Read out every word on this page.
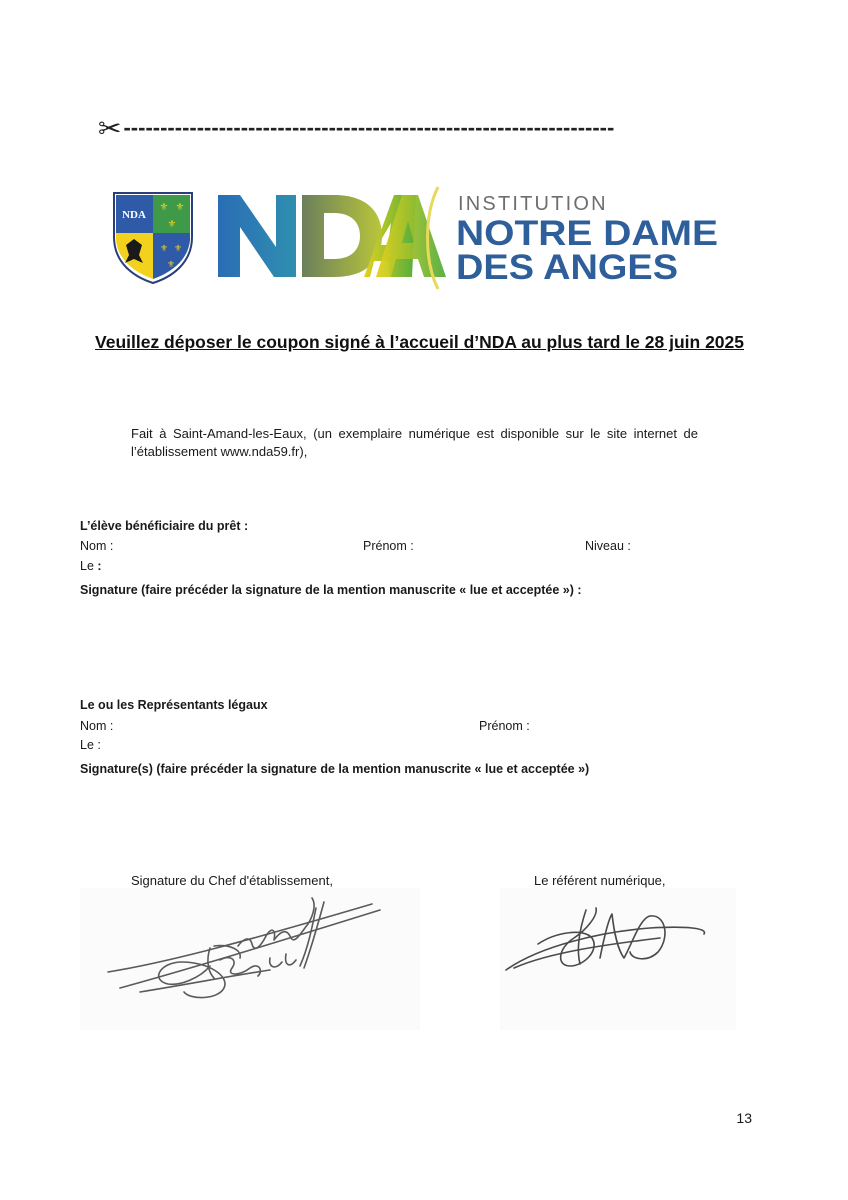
✂-------------------------------------------------------------------
NDA
⚜ ⚜
⚜
⚜ ⚜
⚜
INSTITUTION
NOTRE DAME
DES ANGES
Veuillez déposer le coupon signé à l’accueil d’NDA au plus tard le 28 juin 2025
Fait à Saint-Amand-les-Eaux, (un exemplaire numérique est disponible sur le site internet de l’établissement www.nda59.fr),
L’élève bénéficiaire du prêt :
Nom :	Prénom :	Niveau :
Le :
Signature (faire précéder la signature de la mention manuscrite « lue et acceptée ») :
Le ou les Représentants légaux
Nom :	Prénom :
Le :
Signature(s) (faire précéder la signature de la mention manuscrite « lue et acceptée »)
Signature du Chef d'établissement,	Le référent numérique,
13
